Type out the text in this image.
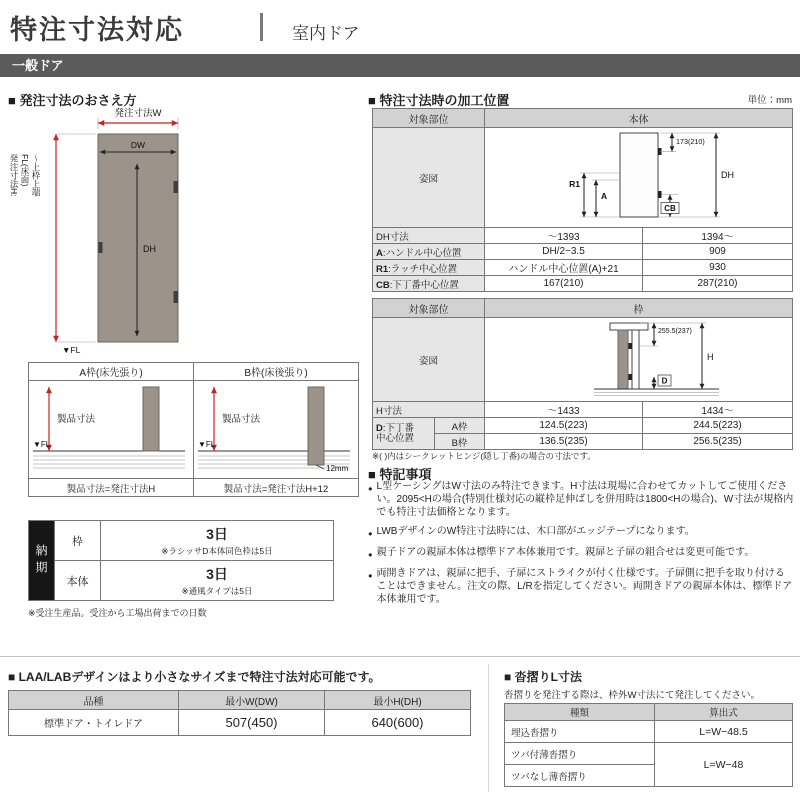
特注寸法対応	室内ドア
一般ドア
■ 発注寸法のおさえ方
発注寸法W
DW
DH
▼FL
発注寸法H: FL(床面) 〜上枠上端
A枠(床先張り)	B枠(床後張り)

製品寸法
▼FL	製品寸法
▼FL
12mm

製品寸法=発注寸法H	製品寸法=発注寸法H+12
納期	枠	3日
※ラシッサD本体同色枠は5日

	本体	3日
※通風タイプは5日
※受注生産品。受注から工場出荷までの日数
■ 特注寸法時の加工位置	単位：mm
対象部位	本体	
姿図	173(210)
DH
R1
A
CB	

DH寸法	〜1393	1394〜
A:ハンドル中心位置	DH/2−3.5	909
R1:ラッチ中心位置	ハンドル中心位置(A)+21	930
CB:下丁番中心位置	167(210)	287(210)
対象部位		枠	
姿図		255.5(237)
H
D	

H寸法		〜1433	1434〜

D:下丁番
中心位置	A枠	124.5(223)	244.5(223)
	B枠	136.5(235)	256.5(235)
※( )内はシークレットヒンジ(隠し丁番)の場合の寸法です。
■ 特記事項
● L型ケーシングはW寸法のみ特注できます。H寸法は現場に合わせてカットしてご使用ください。2095<Hの場合(特別仕様対応の縦枠足伸ばしを併用時は1800<Hの場合)、W寸法が規格内でも特注寸法価格となります。
● LWBデザインのW特注寸法時には、木口部がエッジテープになります。
● 親子ドアの親扉本体は標準ドア本体兼用です。親扉と子扉の組合せは変更可能です。
● 両開きドアは、親扉に把手、子扉にストライクが付く仕様です。子扉側に把手を取り付けることはできません。注文の際、L/Rを指定してください。両開きドアの親扉本体は、標準ドア本体兼用です。
■ LAA/LABデザインはより小さなサイズまで特注寸法対応可能です。
品種	最小W(DW)	最小H(DH)
標準ドア・トイレドア	507(450)	640(600)
■ 沓摺りL寸法
沓摺りを発注する際は、枠外W寸法にて発注してください。
種類	算出式
埋込沓摺り	L=W−48.5
ツバ付薄沓摺り	L=W−48
ツバなし薄沓摺り	
